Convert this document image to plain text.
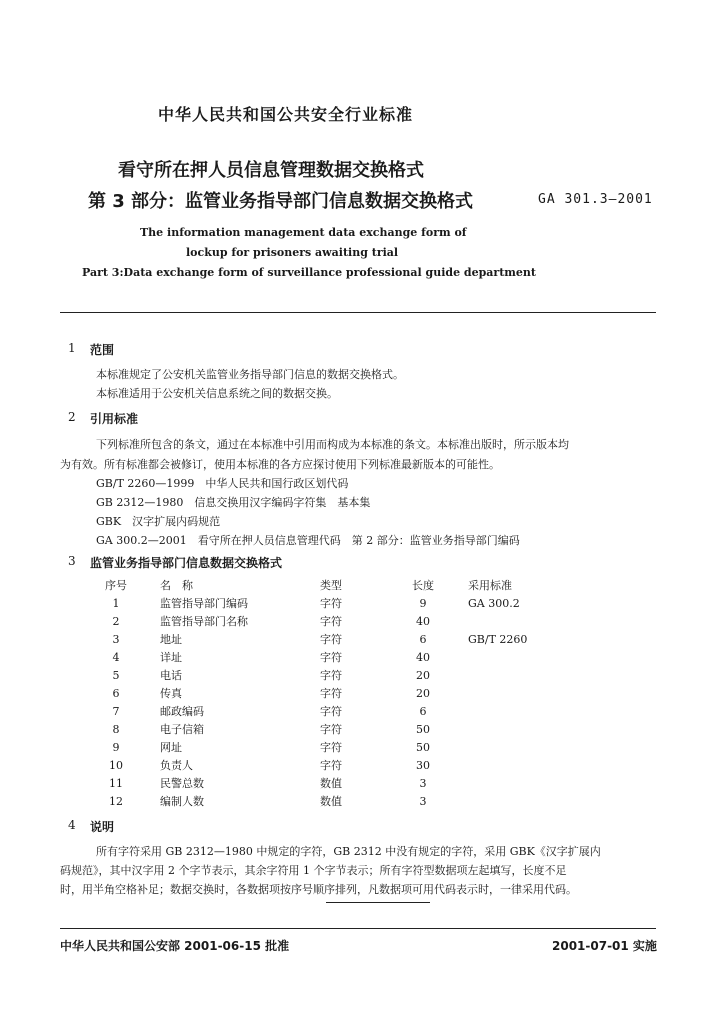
中华人民共和国公共安全行业标准
看守所在押人员信息管理数据交换格式
第 3 部分：监管业务指导部门信息数据交换格式	GA 301.3—2001
The information management data exchange form of
lockup for prisoners awaiting trial
Part 3:Data exchange form of surveillance professional guide department
1 范围
本标准规定了公安机关监管业务指导部门信息的数据交换格式。
本标准适用于公安机关信息系统之间的数据交换。
2 引用标准
下列标准所包含的条文，通过在本标准中引用而构成为本标准的条文。本标准出版时，所示版本均
为有效。所有标准都会被修订，使用本标准的各方应探讨使用下列标准最新版本的可能性。
GB/T 2260—1999　中华人民共和国行政区划代码
GB 2312—1980　信息交换用汉字编码字符集　基本集
GBK　汉字扩展内码规范
GA 300.2—2001　看守所在押人员信息管理代码　第 2 部分：监管业务指导部门编码
3 监管业务指导部门信息数据交换格式
序号	名　称	类型	长度	采用标准
1	监管指导部门编码	字符	9	GA 300.2
2	监管指导部门名称	字符	40	
3	地址	字符	6	GB/T 2260
4	详址	字符	40	
5	电话	字符	20	
6	传真	字符	20	
7	邮政编码	字符	6	
8	电子信箱	字符	50	
9	网址	字符	50	
10	负责人	字符	30	
11	民警总数	数值	3	
12	编制人数	数值	3	
4 说明
所有字符采用 GB 2312—1980 中规定的字符，GB 2312 中没有规定的字符，采用 GBK《汉字扩展内
码规范》，其中汉字用 2 个字节表示，其余字符用 1 个字节表示；所有字符型数据项左起填写，长度不足
时，用半角空格补足；数据交换时，各数据项按序号顺序排列，凡数据项可用代码表示时，一律采用代码。
中华人民共和国公安部 2001-06-15 批准	2001-07-01 实施
